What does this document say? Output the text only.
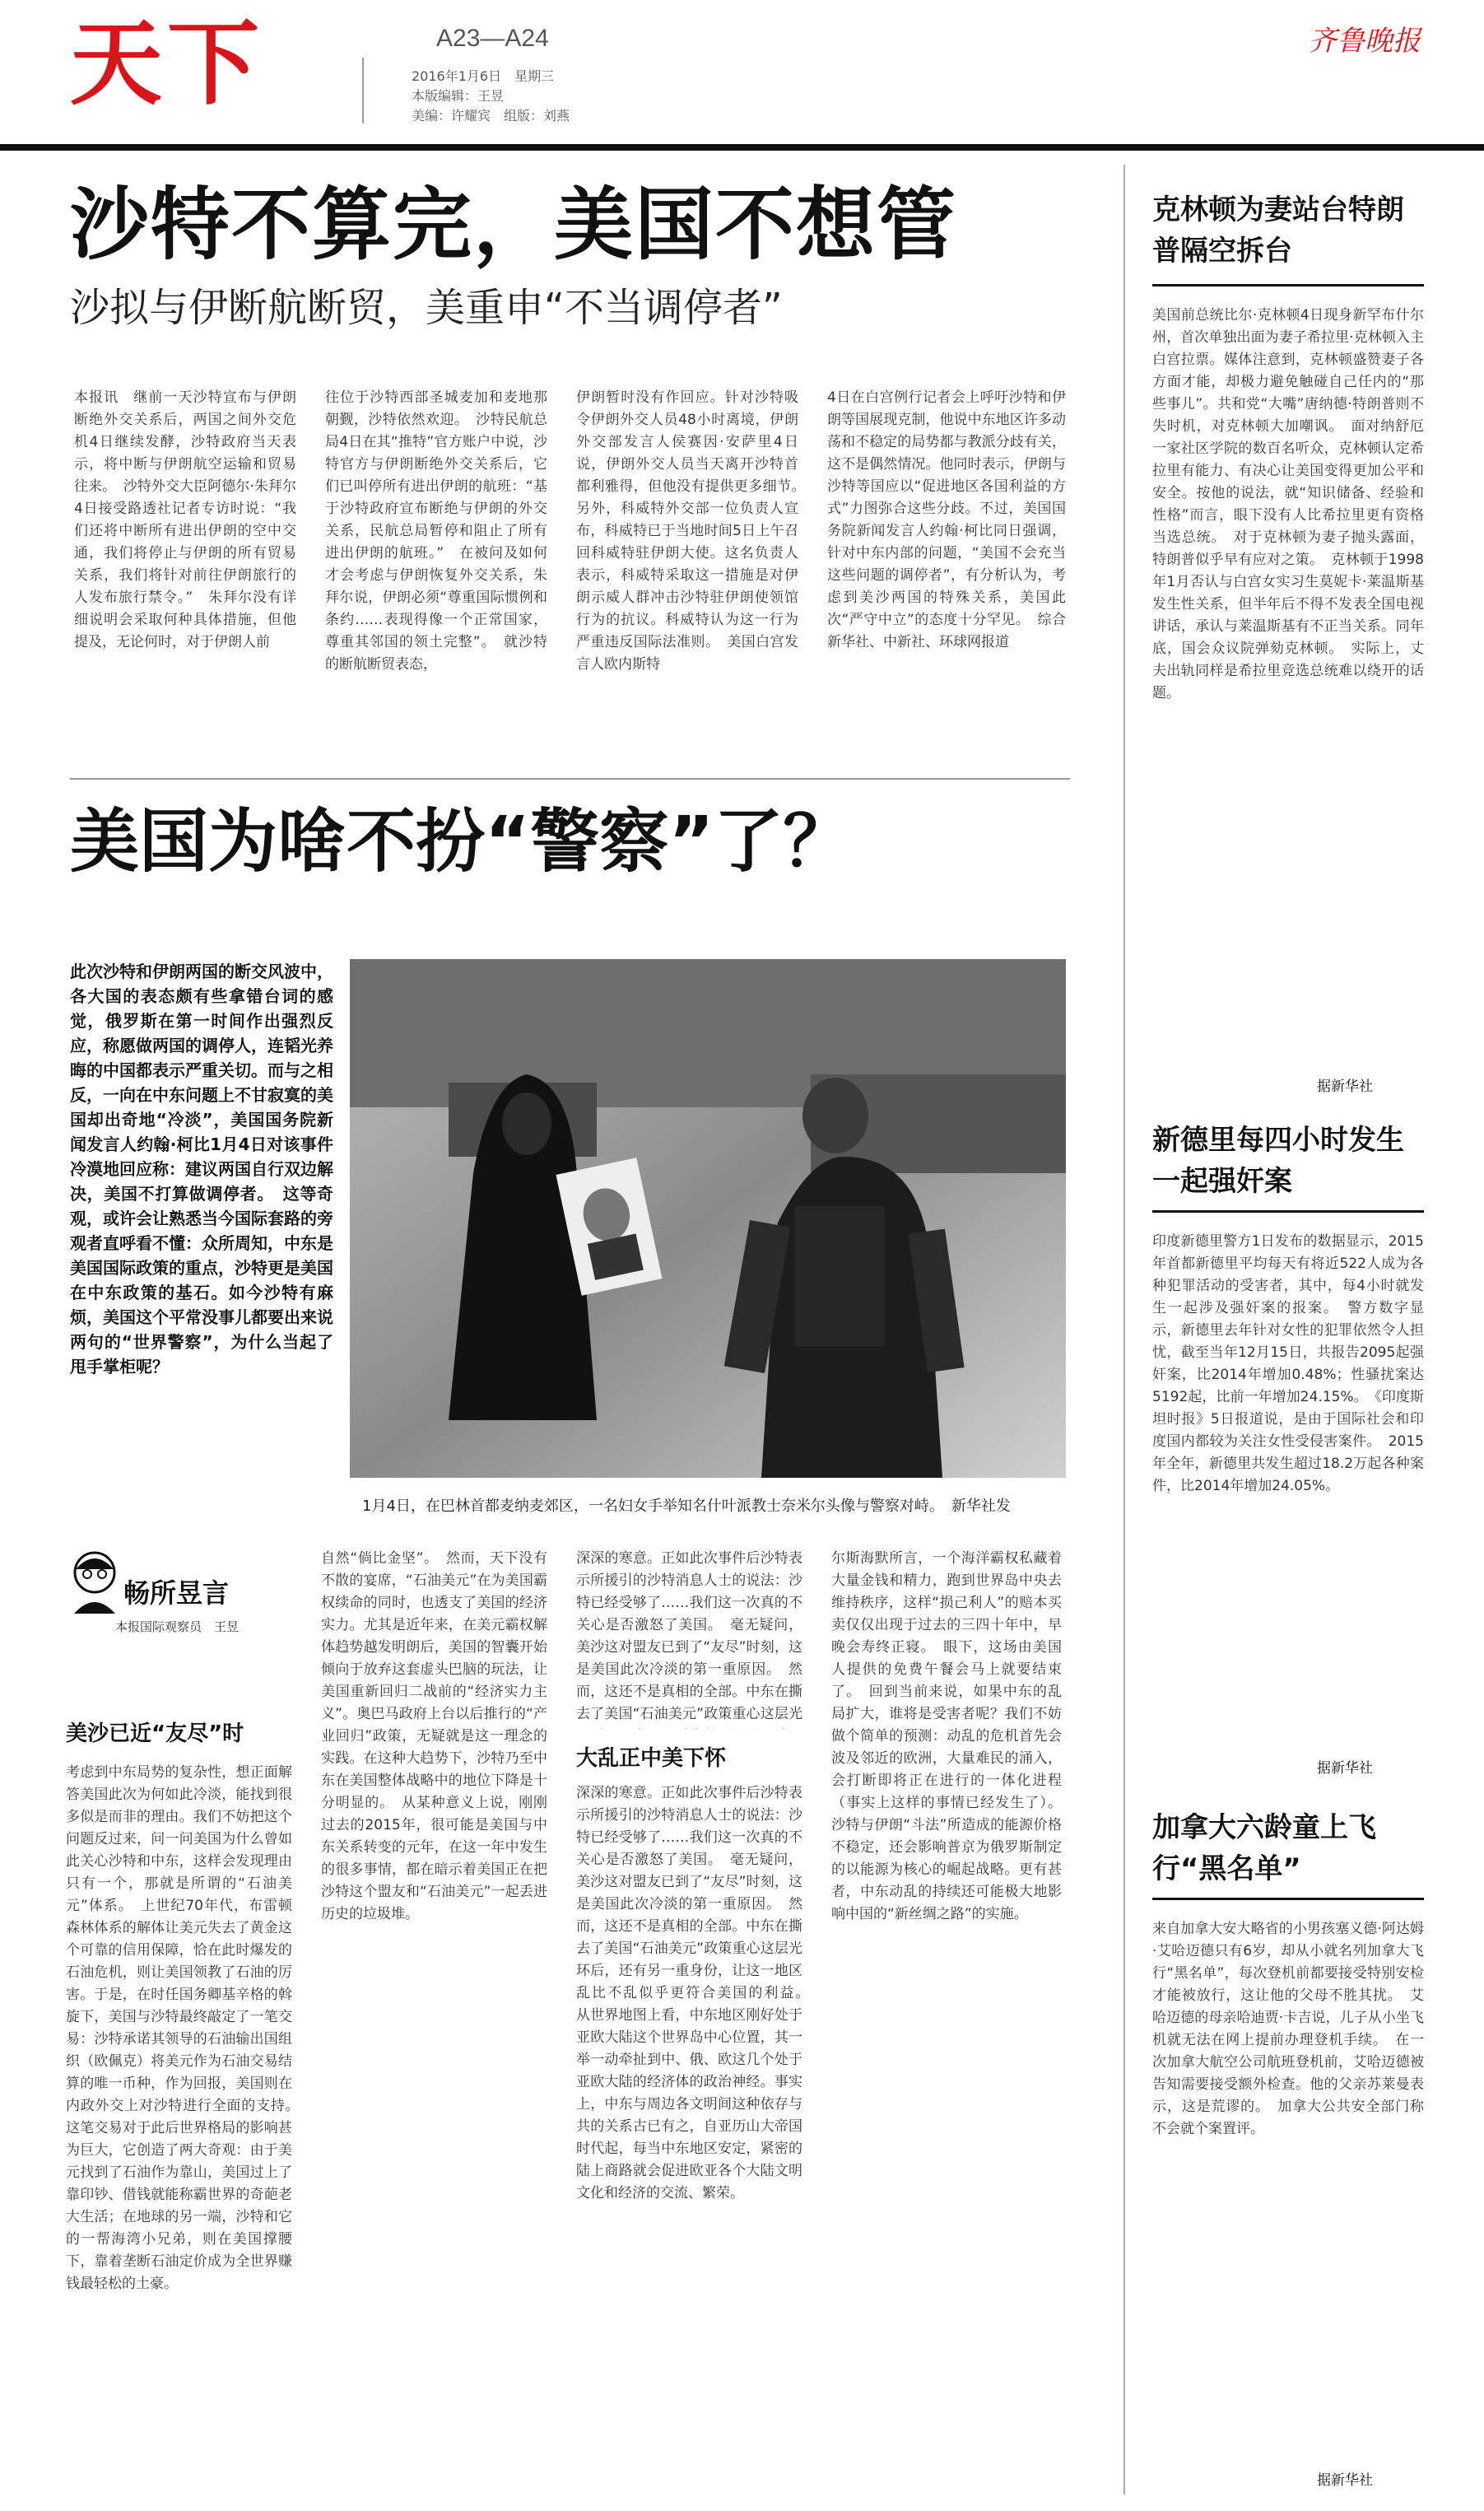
天下	A23—A24
2016年1月6日　星期三
本版编辑：王昱
美编：许耀宾　组版：刘燕
齐鲁晚报
沙特不算完，美国不想管
沙拟与伊断航断贸，美重申“不当调停者”
本报讯　继前一天沙特宣布与伊朗断绝外交关系后，两国之间外交危机4日继续发酵，沙特政府当天表示，将中断与伊朗航空运输和贸易往来。　沙特外交大臣阿德尔·朱拜尔4日接受路透社记者专访时说：“我们还将中断所有进出伊朗的空中交通，我们将停止与伊朗的所有贸易关系，我们将针对前往伊朗旅行的人发布旅行禁令。”　朱拜尔没有详细说明会采取何种具体措施，但他提及，无论何时，对于伊朗人前
往位于沙特西部圣城麦加和麦地那朝觐，沙特依然欢迎。　沙特民航总局4日在其“推特”官方账户中说，沙特官方与伊朗断绝外交关系后，它们已叫停所有进出伊朗的航班：“基于沙特政府宣布断绝与伊朗的外交关系，民航总局暂停和阻止了所有进出伊朗的航班。”　在被问及如何才会考虑与伊朗恢复外交关系，朱拜尔说，伊朗必须“尊重国际惯例和条约……表现得像一个正常国家，尊重其邻国的领土完整”。　就沙特的断航断贸表态，
伊朗暂时没有作回应。针对沙特吸令伊朗外交人员48小时离境，伊朗外交部发言人侯赛因·安萨里4日说，伊朗外交人员当天离开沙特首都利雅得，但他没有提供更多细节。　另外，科威特外交部一位负责人宣布，科威特已于当地时间5日上午召回科威特驻伊朗大使。这名负责人表示，科威特采取这一措施是对伊朗示威人群冲击沙特驻伊朗使领馆行为的抗议。科威特认为这一行为严重违反国际法准则。　美国白宫发言人欧内斯特
4日在白宫例行记者会上呼吁沙特和伊朗等国展现克制，他说中东地区许多动荡和不稳定的局势都与教派分歧有关，这不是偶然情况。他同时表示，伊朗与沙特等国应以“促进地区各国利益的方式”力图弥合这些分歧。不过，美国国务院新闻发言人约翰·柯比同日强调，针对中东内部的问题，“美国不会充当这些问题的调停者”，有分析认为，考虑到美沙两国的特殊关系，美国此次“严守中立”的态度十分罕见。　综合新华社、中新社、环球网报道
美国为啥不扮“警察”了？
此次沙特和伊朗两国的断交风波中，各大国的表态颇有些拿错台词的感觉，俄罗斯在第一时间作出强烈反应，称愿做两国的调停人，连韬光养晦的中国都表示严重关切。而与之相反，一向在中东问题上不甘寂寞的美国却出奇地“冷淡”，美国国务院新闻发言人约翰·柯比1月4日对该事件冷漠地回应称：建议两国自行双边解决，美国不打算做调停者。　这等奇观，或许会让熟悉当今国际套路的旁观者直呼看不懂：众所周知，中东是美国国际政策的重点，沙特更是美国在中东政策的基石。如今沙特有麻烦，美国这个平常没事儿都要出来说两句的“世界警察”，为什么当起了甩手掌柜呢？
1月4日，在巴林首都麦纳麦郊区，一名妇女手举知名什叶派教士奈米尔头像与警察对峙。　新华社发
畅所昱言
本报国际观察员　王昱
美沙已近“友尽”时
考虑到中东局势的复杂性，想正面解答美国此次为何如此冷淡，能找到很多似是而非的理由。我们不妨把这个问题反过来，问一问美国为什么曾如此关心沙特和中东，这样会发现理由只有一个，那就是所谓的“石油美元”体系。　上世纪70年代，布雷顿森林体系的解体让美元失去了黄金这个可靠的信用保障，恰在此时爆发的石油危机，则让美国领教了石油的厉害。于是，在时任国务卿基辛格的斡旋下，美国与沙特最终敲定了一笔交易：沙特承诺其领导的石油输出国组织（欧佩克）将美元作为石油交易结算的唯一币种，作为回报，美国则在内政外交上对沙特进行全面的支持。　这笔交易对于此后世界格局的影响甚为巨大，它创造了两大奇观：由于美元找到了石油作为靠山，美国过上了靠印钞、借钱就能称霸世界的奇葩老大生活；在地球的另一端，沙特和它的一帮海湾小兄弟，则在美国撑腰下，靠着垄断石油定价成为全世界赚钱最轻松的土豪。
自然“倘比金坚”。　然而，天下没有不散的宴席，“石油美元”在为美国霸权续命的同时，也透支了美国的经济实力。尤其是近年来，在美元霸权解体趋势越发明朗后，美国的智囊开始倾向于放弃这套虚头巴脑的玩法，让美国重新回归二战前的“经济实力主义”。奥巴马政府上台以后推行的“产业回归”政策，无疑就是这一理念的实践。在这种大趋势下，沙特乃至中东在美国整体战略中的地位下降是十分明显的。　从某种意义上说，刚刚过去的2015年，很可能是美国与中东关系转变的元年，在这一年中发生的很多事情，都在暗示着美国正在把沙特这个盟友和“石油美元”一起丢进历史的垃圾堆。
大乱正中美下怀
深深的寒意。正如此次事件后沙特表示所援引的沙特消息人士的说法：沙特已经受够了……我们这一次真的不关心是否激怒了美国。　毫无疑问，美沙这对盟友已到了“友尽”时刻，这是美国此次冷淡的第一重原因。　然而，这还不是真相的全部。中东在撕去了美国“石油美元”政策重心这层光　
深深的寒意。正如此次事件后沙特表示所援引的沙特消息人士的说法：沙特已经受够了……我们这一次真的不关心是否激怒了美国。　毫无疑问，美沙这对盟友已到了“友尽”时刻，这是美国此次冷淡的第一重原因。　然而，这还不是真相的全部。中东在撕去了美国“石油美元”政策重心这层光环后，还有另一重身份，让这一地区乱比不乱似乎更符合美国的利益。　从世界地图上看，中东地区刚好处于亚欧大陆这个世界岛中心位置，其一举一动牵扯到中、俄、欧这几个处于亚欧大陆的经济体的政治神经。事实上，中东与周边各文明间这种依存与共的关系古已有之，自亚历山大帝国时代起，每当中东地区安定，紧密的陆上商路就会促进欧亚各个大陆文明文化和经济的交流、繁荣。
尔斯海默所言，一个海洋霸权私藏着大量金钱和精力，跑到世界岛中央去维持秩序，这样“损己利人”的赔本买卖仅仅出现于过去的三四十年中，早晚会寿终正寝。　眼下，这场由美国人提供的免费午餐会马上就要结束了。　回到当前来说，如果中东的乱局扩大，谁将是受害者呢？我们不妨做个简单的预测：动乱的危机首先会波及邻近的欧洲，大量难民的涌入，会打断即将正在进行的一体化进程（事实上这样的事情已经发生了）。沙特与伊朗“斗法”所造成的能源价格不稳定，还会影响普京为俄罗斯制定的以能源为核心的崛起战略。更有甚者，中东动乱的持续还可能极大地影响中国的“新丝绸之路”的实施。
克林顿为妻站台特朗普隔空拆台
美国前总统比尔·克林顿4日现身新罕布什尔州，首次单独出面为妻子希拉里·克林顿入主白宫拉票。媒体注意到，克林顿盛赞妻子各方面才能，却极力避免触碰自己任内的“那些事儿”。共和党“大嘴”唐纳德·特朗普则不失时机，对克林顿大加嘲讽。　面对纳舒厄一家社区学院的数百名听众，克林顿认定希拉里有能力、有决心让美国变得更加公平和安全。按他的说法，就“知识储备、经验和性格”而言，眼下没有人比希拉里更有资格当选总统。　对于克林顿为妻子抛头露面，特朗普似乎早有应对之策。　克林顿于1998年1月否认与白宫女实习生莫妮卡·莱温斯基发生性关系，但半年后不得不发表全国电视讲话，承认与莱温斯基有不正当关系。同年底，国会众议院弹劾克林顿。　实际上，丈夫出轨同样是希拉里竞选总统难以绕开的话题。
据新华社
新德里每四小时发生一起强奸案
印度新德里警方1日发布的数据显示，2015年首都新德里平均每天有将近522人成为各种犯罪活动的受害者，其中，每4小时就发生一起涉及强奸案的报案。　警方数字显示，新德里去年针对女性的犯罪依然令人担忧，截至当年12月15日，共报告2095起强奸案，比2014年增加0.48%；性骚扰案达5192起，比前一年增加24.15%。　《印度斯坦时报》5日报道说，是由于国际社会和印度国内都较为关注女性受侵害案件。　2015年全年，新德里共发生超过18.2万起各种案件，比2014年增加24.05%。
据新华社
加拿大六龄童上飞行“黑名单”
来自加拿大安大略省的小男孩塞义德·阿达姆·艾哈迈德只有6岁，却从小就名列加拿大飞行“黑名单”，每次登机前都要接受特别安检才能被放行，这让他的父母不胜其扰。　艾哈迈德的母亲哈迪贾·卡吉说，儿子从小坐飞机就无法在网上提前办理登机手续。　在一次加拿大航空公司航班登机前，艾哈迈德被告知需要接受额外检查。他的父亲苏莱曼表示，这是荒谬的。　加拿大公共安全部门称不会就个案置评。
据新华社
